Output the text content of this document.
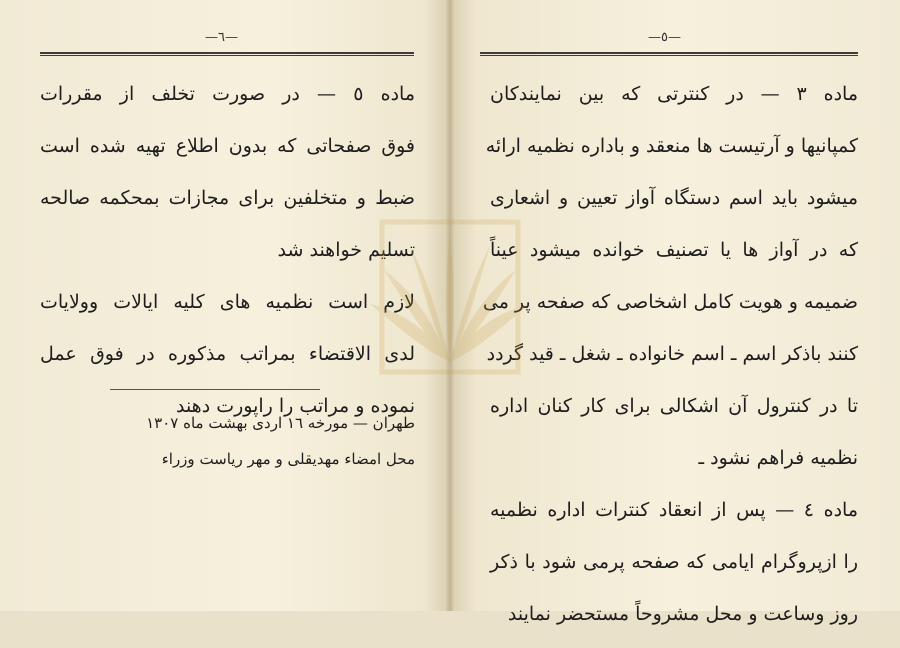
—٦—
ماده ٥ — در صورت تخلف از مقررات
فوق صفحاتی که بدون اطلاع تهیه شده است
ضبط و متخلفین برای مجازات بمحکمه صالحه
تسلیم خواهند شد
لازم است نظمیه های کلیه ایالات وولایات
لدی الاقتضاء بمراتب مذکوره در فوق عمل
نموده و مراتب را راپورت دهند
طهران — مورخه ١٦ اردی بهشت ماه ١٣٠٧
محل امضاء مهدیقلی و مهر ریاست وزراء
—٥—
ماده ٣ — در کنترتی که بین نمایندکان
کمپانیها و آرتیست ها منعقد و باداره نظمیه ارائه
میشود باید اسم دستگاه آواز تعیین و اشعاری
که در آواز ها یا تصنیف خوانده میشود عیناً
ضمیمه و هویت کامل اشخاصی که صفحه پر می
کنند باذکر اسم ـ اسم خانواده ـ شغل ـ قید گردد
تا در کنترول آن اشکالی برای کار کنان اداره
نظمیه فراهم نشود ـ
ماده ٤ — پس از انعقاد کنترات اداره نظمیه
را ازپروگرام ایامی که صفحه پرمی شود با ذکر
روز وساعت و محل مشروحاً مستحضر نمایند
